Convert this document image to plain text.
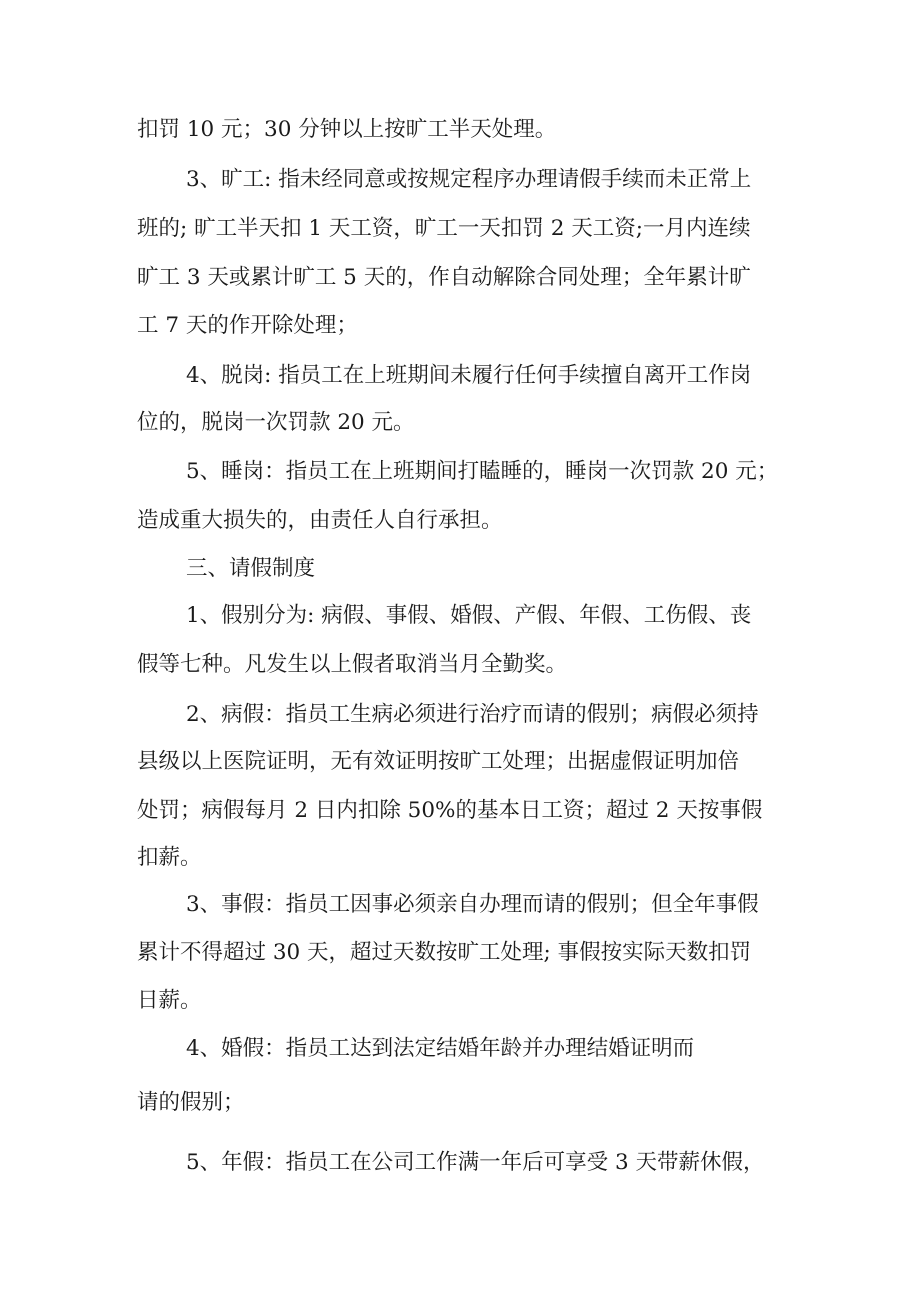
扣罚 10 元；30 分钟以上按旷工半天处理。
3、旷工: 指未经同意或按规定程序办理请假手续而未正常上
班的; 旷工半天扣 1 天工资，旷工一天扣罚 2 天工资;一月内连续
旷工 3 天或累计旷工 5 天的，作自动解除合同处理；全年累计旷
工 7 天的作开除处理；
4、脱岗: 指员工在上班期间未履行任何手续擅自离开工作岗
位的，脱岗一次罚款 20 元。
5、睡岗：指员工在上班期间打瞌睡的，睡岗一次罚款 20 元；
造成重大损失的，由责任人自行承担。
三、请假制度
1、假别分为: 病假、事假、婚假、产假、年假、工伤假、丧
假等七种。凡发生以上假者取消当月全勤奖。
2、病假：指员工生病必须进行治疗而请的假别；病假必须持
县级以上医院证明，无有效证明按旷工处理；出据虚假证明加倍
处罚；病假每月 2 日内扣除 50%的基本日工资；超过 2 天按事假
扣薪。
3、事假：指员工因事必须亲自办理而请的假别；但全年事假
累计不得超过 30 天，超过天数按旷工处理; 事假按实际天数扣罚
日薪。
4、婚假：指员工达到法定结婚年龄并办理结婚证明而
请的假别；
5、年假：指员工在公司工作满一年后可享受 3 天带薪休假，
